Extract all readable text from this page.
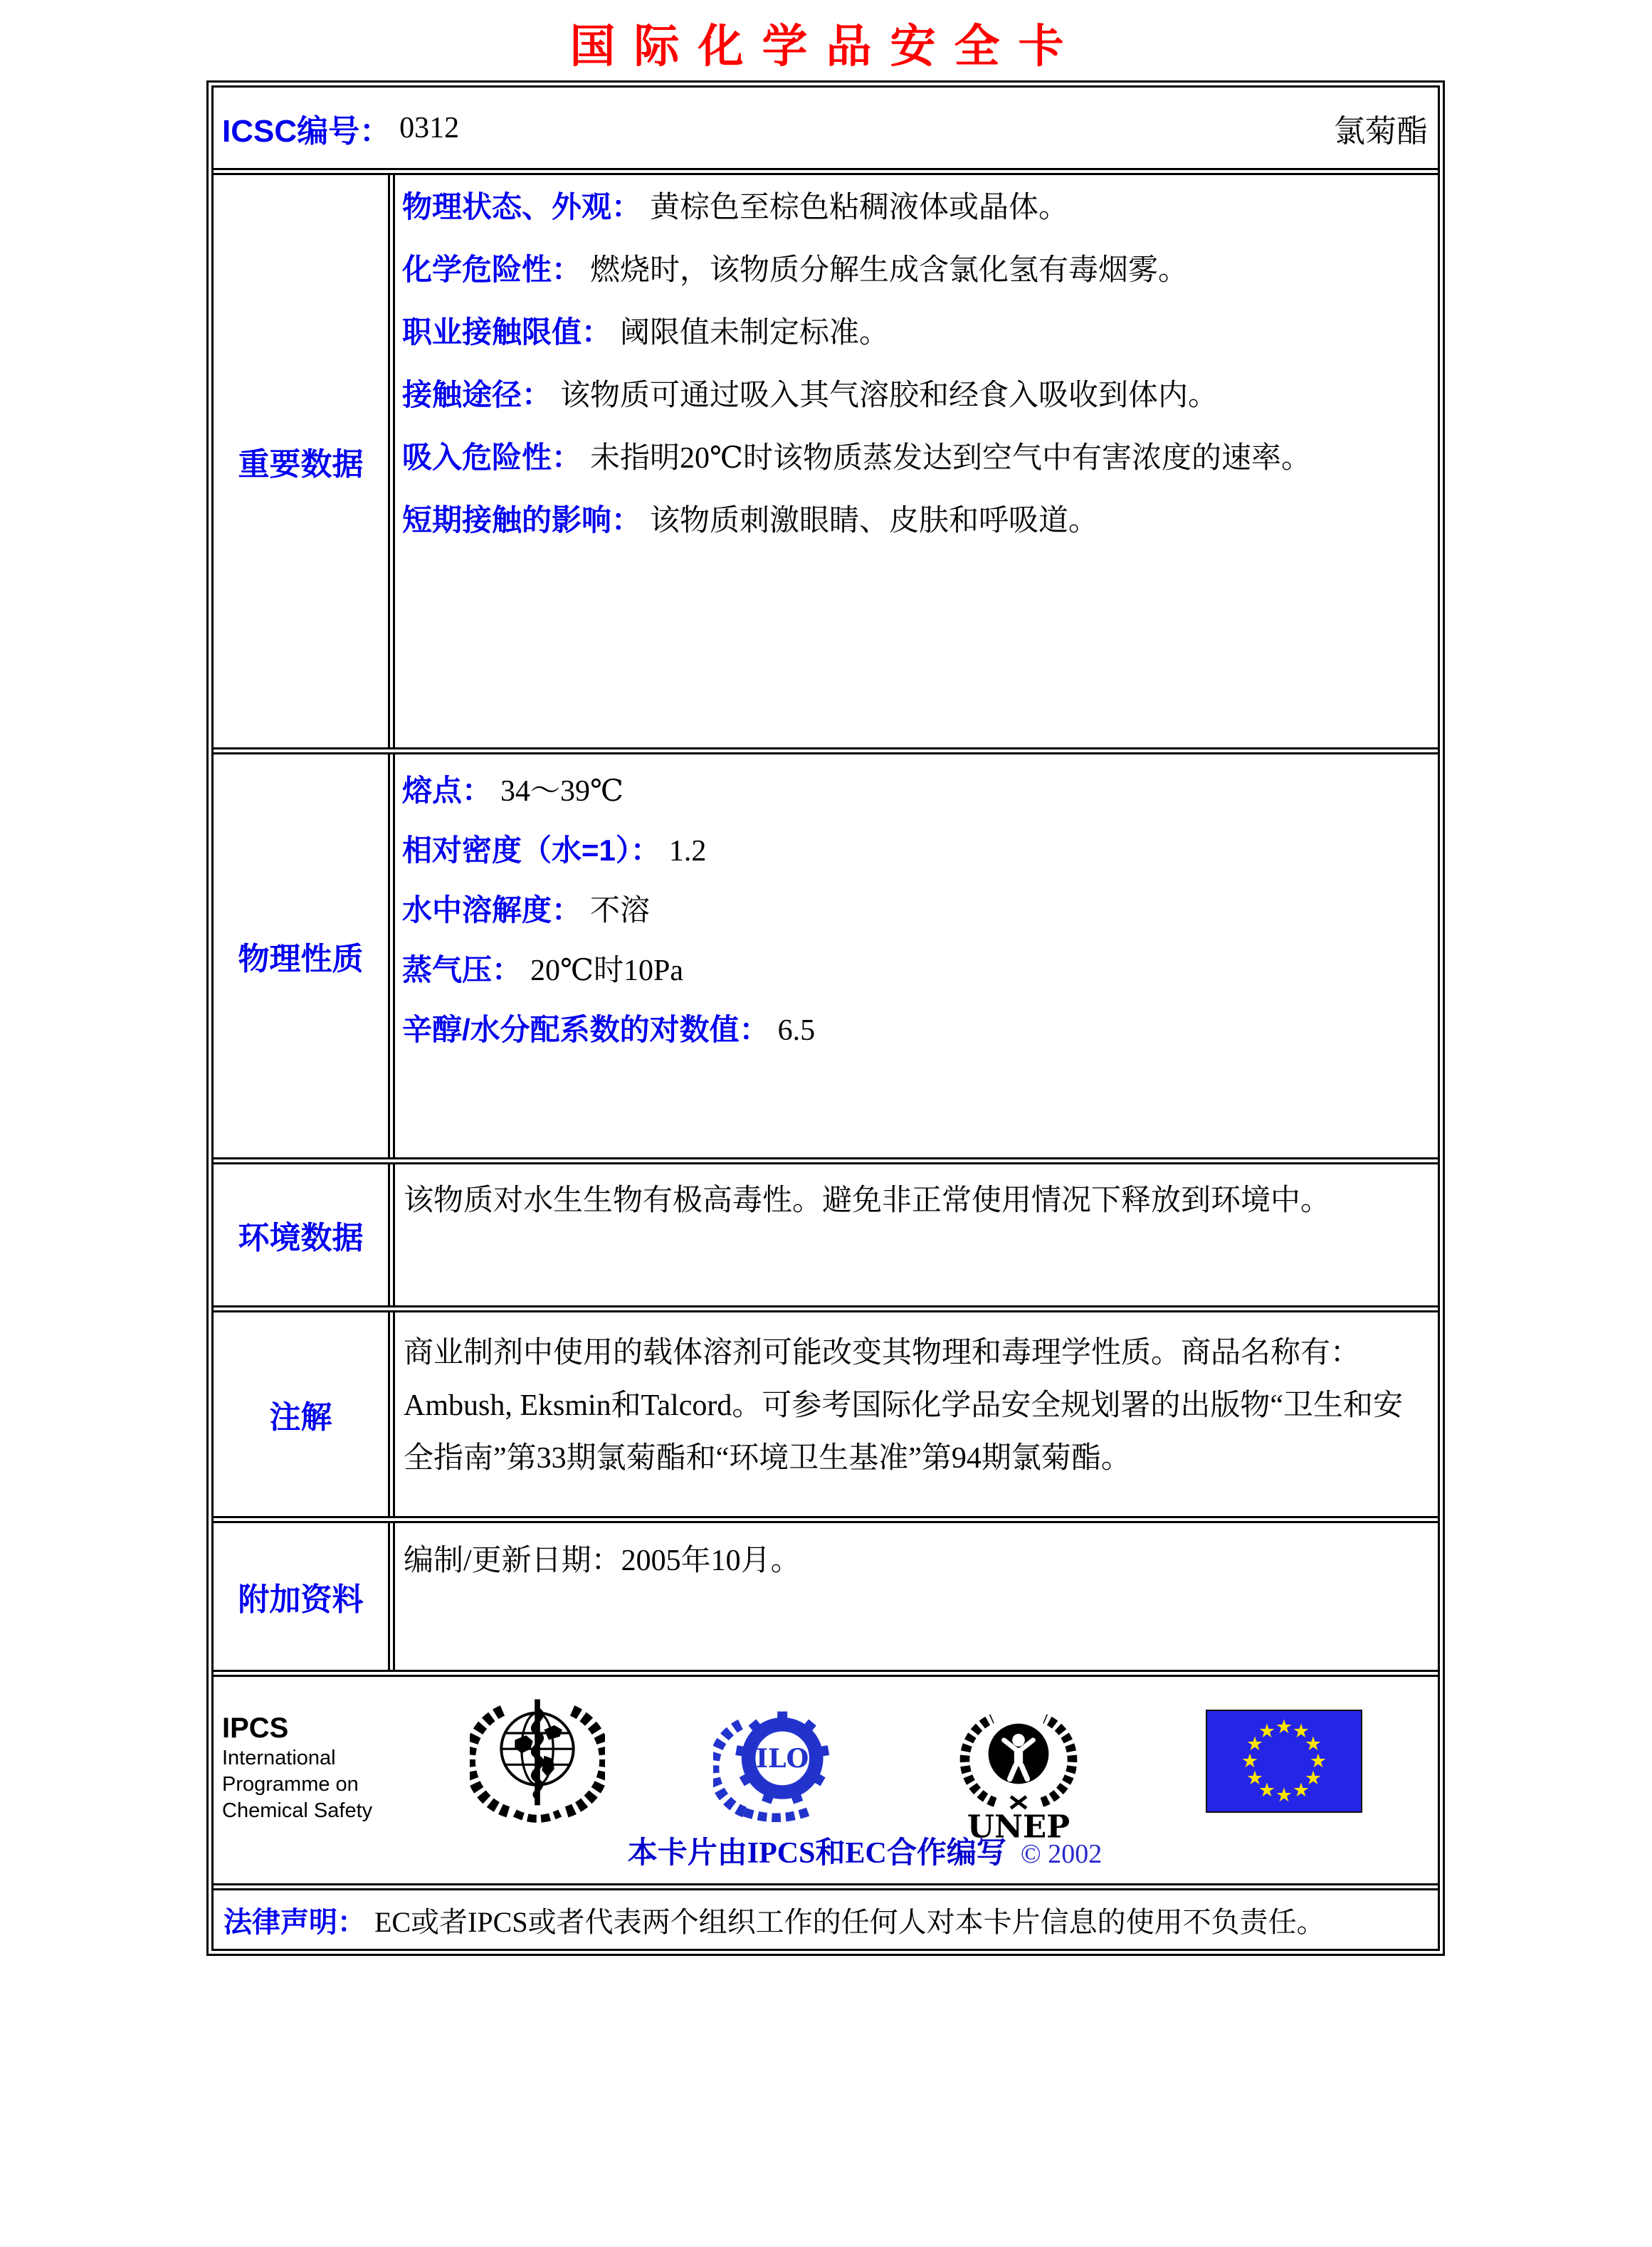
国际化学品安全卡
ICSC编号： 0312	氯菊酯
重要数据
物理状态、外观： 黄棕色至棕色粘稠液体或晶体。
化学危险性： 燃烧时，该物质分解生成含氯化氢有毒烟雾。
职业接触限值： 阈限值未制定标准。
接触途径： 该物质可通过吸入其气溶胶和经食入吸收到体内。
吸入危险性： 未指明20℃时该物质蒸发达到空气中有害浓度的速率。
短期接触的影响： 该物质刺激眼睛、皮肤和呼吸道。
物理性质
熔点： 34～39℃
相对密度（水=1）： 1.2
水中溶解度： 不溶
蒸气压： 20℃时10Pa
辛醇/水分配系数的对数值： 6.5
环境数据
该物质对水生生物有极高毒性。避免非正常使用情况下释放到环境中。
注解
商业制剂中使用的载体溶剂可能改变其物理和毒理学性质。商品名称有：Ambush, Eksmin和Talcord。可参考国际化学品安全规划署的出版物“卫生和安全指南”第33期氯菊酯和“环境卫生基准”第94期氯菊酯。
附加资料
编制/更新日期：2005年10月。
IPCS
International
Programme on
Chemical Safety
ILO
UNEP
★ ★
★
★
★
★
★
★
★
★
★
★
本卡片由IPCS和EC合作编写 © 2002
法律声明： EC或者IPCS或者代表两个组织工作的任何人对本卡片信息的使用不负责任。
